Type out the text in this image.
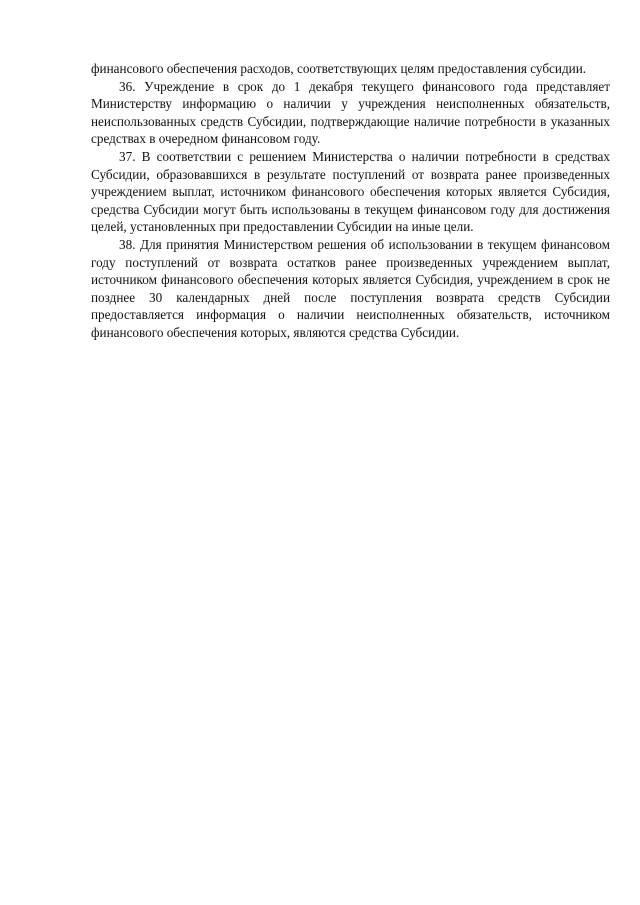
финансового обеспечения расходов, соответствующих целям предоставления субсидии.

36. Учреждение в срок до 1 декабря текущего финансового года представляет Министерству информацию о наличии у учреждения неисполненных обязательств, неиспользованных средств Субсидии, подтверждающие наличие потребности в указанных средствах в очередном финансовом году.

37. В соответствии с решением Министерства о наличии потребности в средствах Субсидии, образовавшихся в результате поступлений от возврата ранее произведенных учреждением выплат, источником финансового обеспечения которых является Субсидия, средства Субсидии могут быть использованы в текущем финансовом году для достижения целей, установленных при предоставлении Субсидии на иные цели.

38. Для принятия Министерством решения об использовании в текущем финансовом году поступлений от возврата остатков ранее произведенных учреждением выплат, источником финансового обеспечения которых является Субсидия, учреждением в срок не позднее 30 календарных дней после поступления возврата средств Субсидии предоставляется информация о наличии неисполненных обязательств, источником финансового обеспечения которых, являются средства Субсидии.
